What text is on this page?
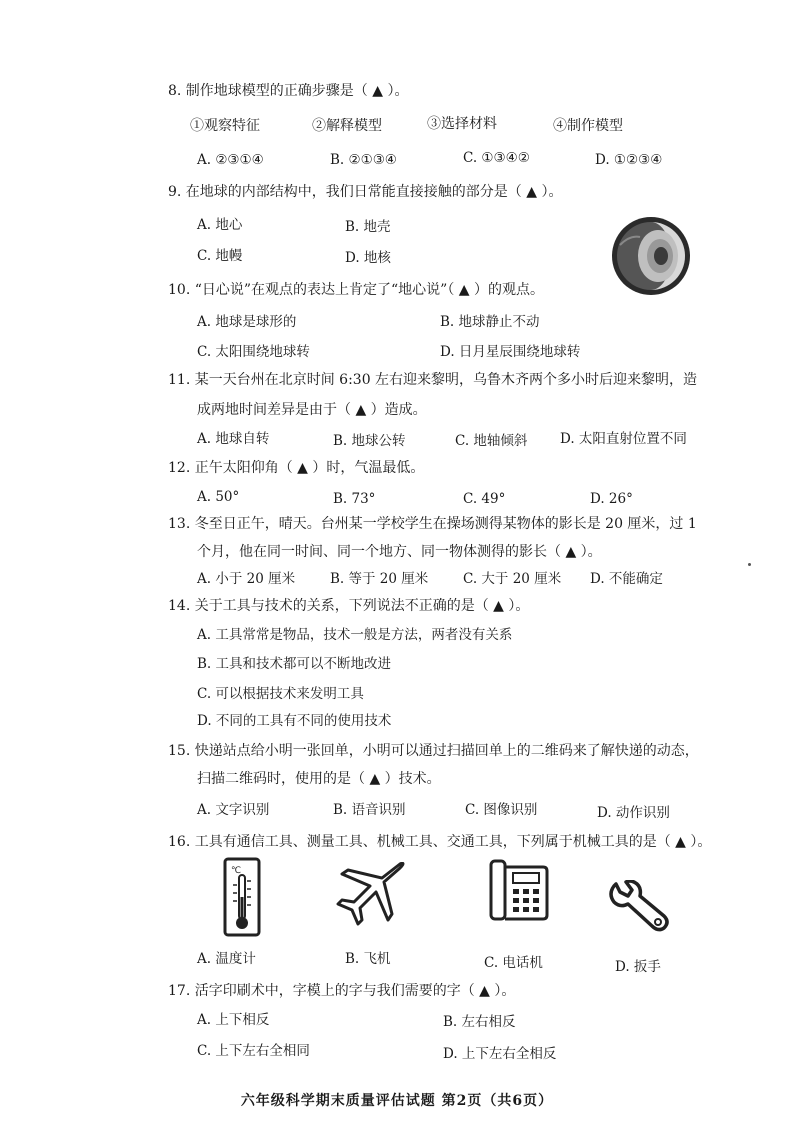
8. 制作地球模型的正确步骤是（ ▲ ）。
①观察特征	②解释模型	③选择材料	④制作模型
A. ②③①④	B. ②①③④	C. ①③④②	D. ①②③④
9. 在地球的内部结构中，我们日常能直接接触的部分是（ ▲ ）。
A. 地心	B. 地壳
C. 地幔	D. 地核
10. “日心说”在观点的表达上肯定了“地心说”（ ▲ ）的观点。
A. 地球是球形的	B. 地球静止不动
C. 太阳围绕地球转	D. 日月星辰围绕地球转
11. 某一天台州在北京时间 6:30 左右迎来黎明，乌鲁木齐两个多小时后迎来黎明，造
成两地时间差异是由于（ ▲ ）造成。
A. 地球自转	B. 地球公转	C. 地轴倾斜 D. 太阳直射位置不同
12. 正午太阳仰角（ ▲ ）时，气温最低。
A. 50°	B. 73°	C. 49°	D. 26°
13. 冬至日正午，晴天。台州某一学校学生在操场测得某物体的影长是 20 厘米，过 1
个月，他在同一时间、同一个地方、同一物体测得的影长（ ▲ ）。
A. 小于 20 厘米	B. 等于 20 厘米	C. 大于 20 厘米 D. 不能确定
14. 关于工具与技术的关系，下列说法不正确的是（ ▲ ）。
A. 工具常常是物品，技术一般是方法，两者没有关系
B. 工具和技术都可以不断地改进
C. 可以根据技术来发明工具
D. 不同的工具有不同的使用技术
15. 快递站点给小明一张回单，小明可以通过扫描回单上的二维码来了解快递的动态，
扫描二维码时，使用的是（ ▲ ）技术。
A. 文字识别	B. 语音识别	C. 图像识别	D. 动作识别
16. 工具有通信工具、测量工具、机械工具、交通工具，下列属于机械工具的是（ ▲ ）。
℃
A. 温度计	B. 飞机	C. 电话机	D. 扳手
17. 活字印刷术中，字模上的字与我们需要的字（ ▲ ）。
A. 上下相反	B. 左右相反
C. 上下左右全相同	D. 上下左右全相反
六年级科学期末质量评估试题 第2页（共6页）
